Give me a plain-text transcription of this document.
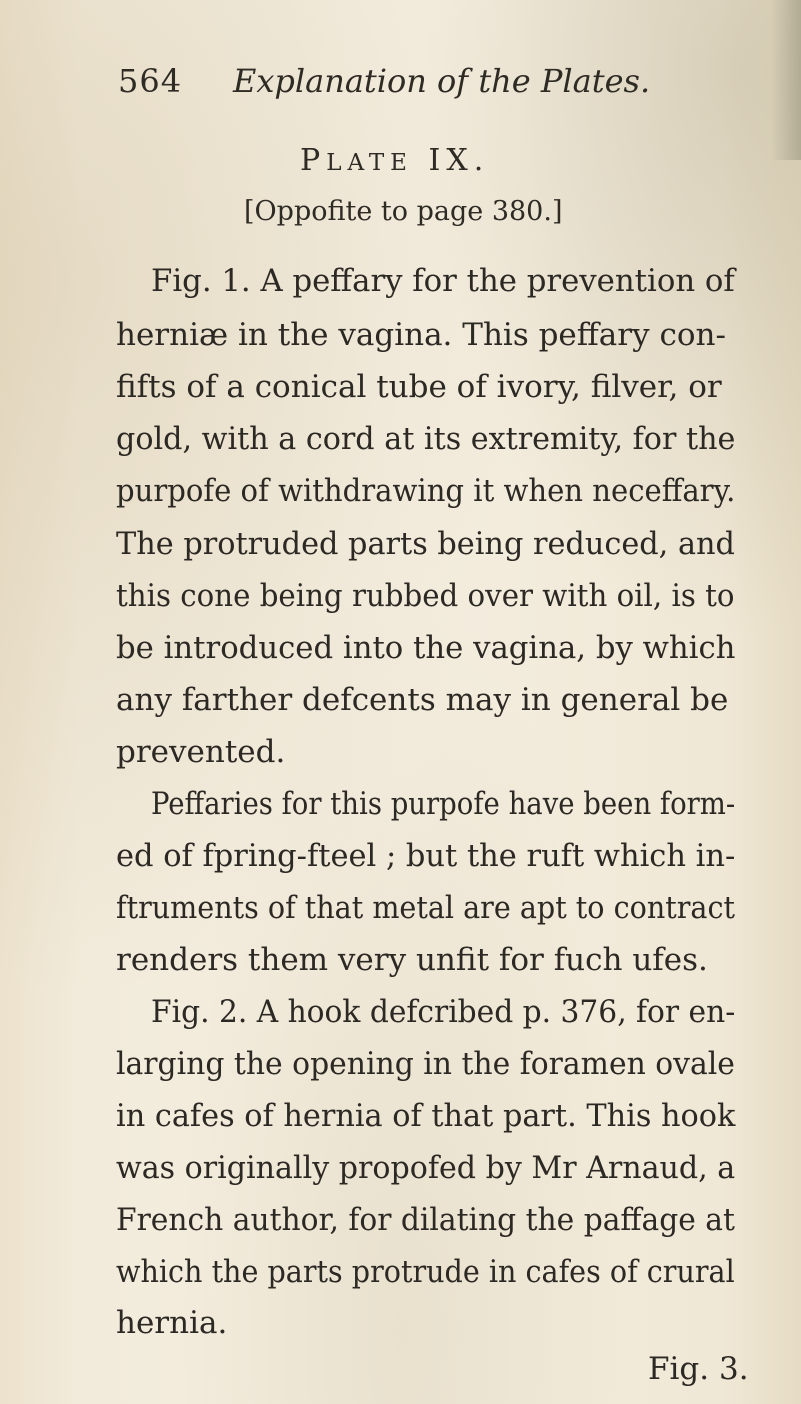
564 Explanation of the Plates.
PLATE IX.
[Oppofite to page 380.]
Fig. 1. A peffary for the prevention of
herniæ in the vagina. This peffary con-
fifts of a conical tube of ivory, filver, or
gold, with a cord at its extremity, for the
purpofe of withdrawing it when neceffary.
The protruded parts being reduced, and
this cone being rubbed over with oil, is to
be introduced into the vagina, by which
any farther defcents may in general be
prevented.
Peffaries for this purpofe have been form-
ed of fpring-fteel ; but the ruft which in-
ftruments of that metal are apt to contract
renders them very unfit for fuch ufes.
Fig. 2. A hook defcribed p. 376, for en-
larging the opening in the foramen ovale
in cafes of hernia of that part. This hook
was originally propofed by Mr Arnaud, a
French author, for dilating the paffage at
which the parts protrude in cafes of crural
hernia.
Fig. 3.
